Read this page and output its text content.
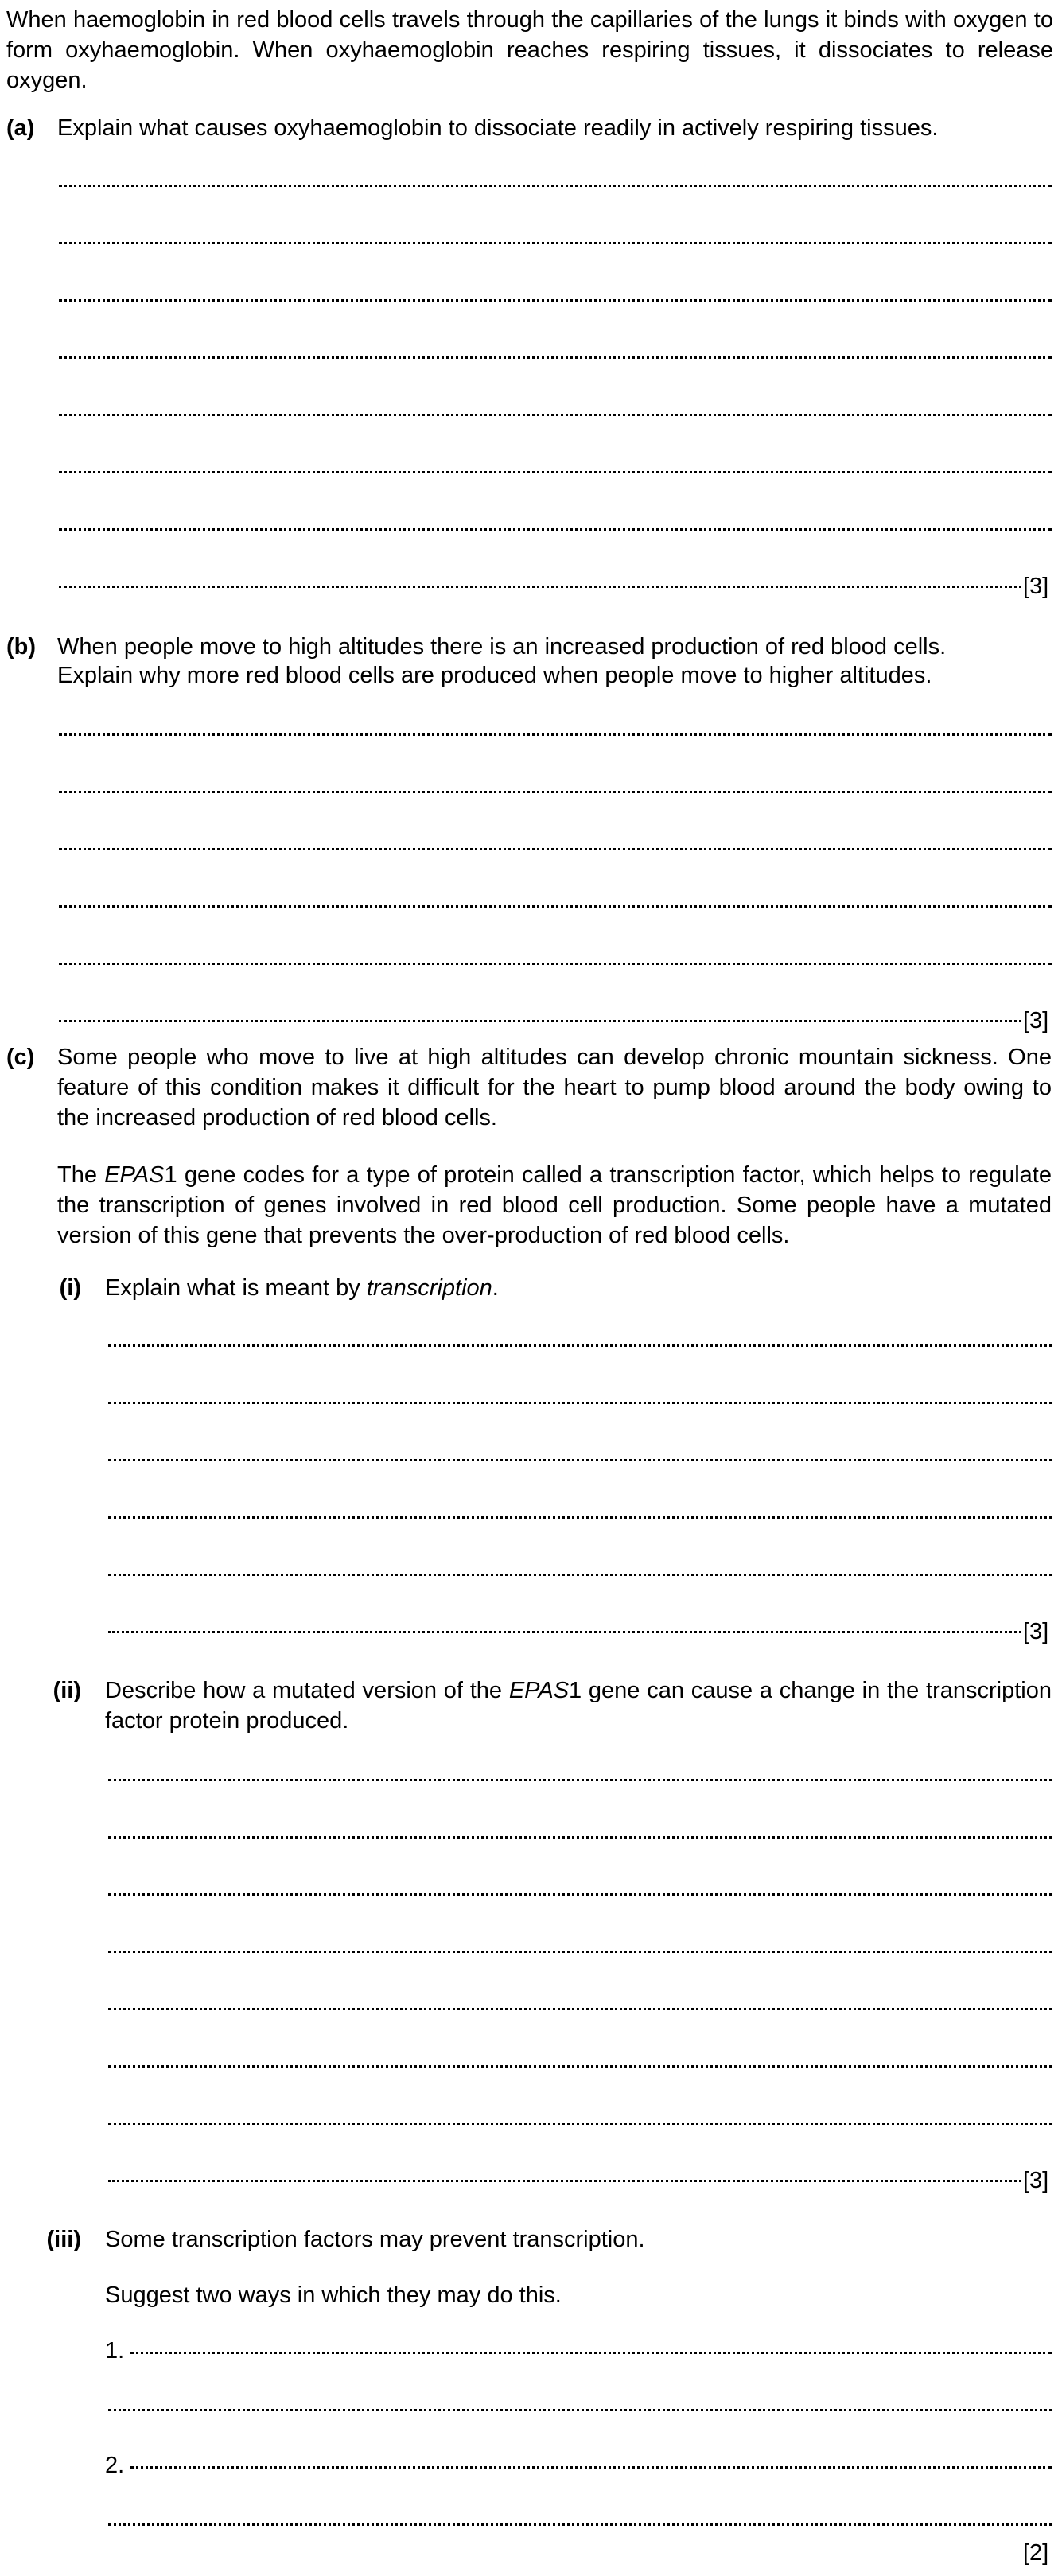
When haemoglobin in red blood cells travels through the capillaries of the lungs it binds with oxygen to form oxyhaemoglobin. When oxyhaemoglobin reaches respiring tissues, it dissociates to release oxygen.
(a) Explain what causes oxyhaemoglobin to dissociate readily in actively respiring tissues.
[3]
(b) When people move to high altitudes there is an increased production of red blood cells.
Explain why more red blood cells are produced when people move to higher altitudes.
[3]
(c) Some people who move to live at high altitudes can develop chronic mountain sickness. One feature of this condition makes it difficult for the heart to pump blood around the body owing to the increased production of red blood cells.
The EPAS1 gene codes for a type of protein called a transcription factor, which helps to regulate the transcription of genes involved in red blood cell production. Some people have a mutated version of this gene that prevents the over-production of red blood cells.
(i) Explain what is meant by transcription.
[3]
(ii) Describe how a mutated version of the EPAS1 gene can cause a change in the transcription factor protein produced.
[3]
(iii) Some transcription factors may prevent transcription.
Suggest two ways in which they may do this.
1.
2.
[2]
